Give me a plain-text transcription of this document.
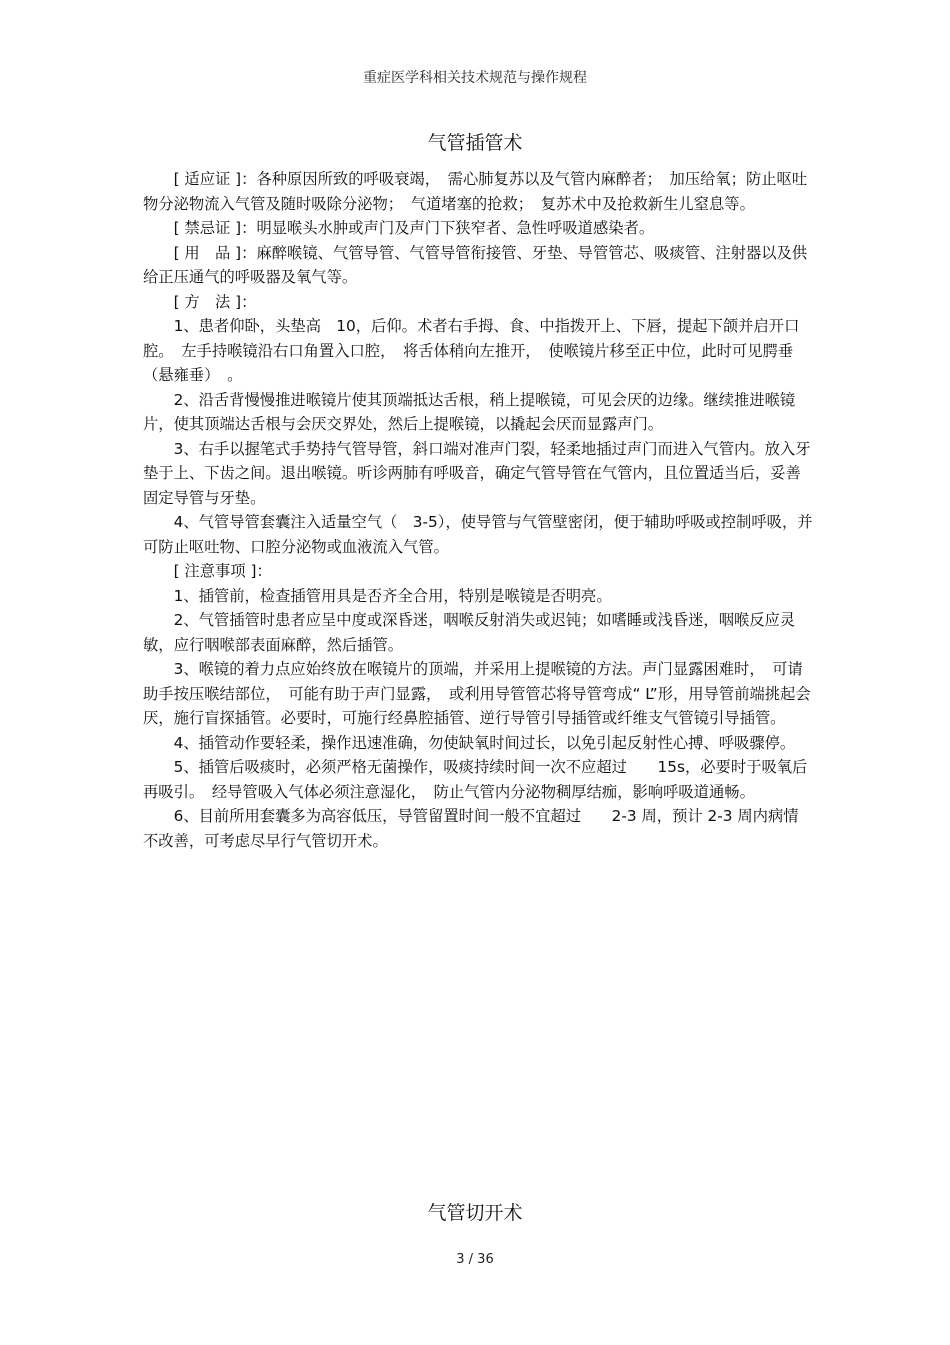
重症医学科相关技术规范与操作规程
气管插管术

[ 适应证 ]：各种原因所致的呼吸衰竭，　需心肺复苏以及气管内麻醉者；　加压给氧；防止呕吐物分泌物流入气管及随时吸除分泌物；　气道堵塞的抢救；　复苏术中及抢救新生儿窒息等。

[ 禁忌证 ]：明显喉头水肿或声门及声门下狭窄者、急性呼吸道感染者。

[ 用　品 ]：麻醉喉镜、气管导管、气管导管衔接管、牙垫、导管管芯、吸痰管、注射器以及供给正压通气的呼吸器及氧气等。

[ 方　法 ]：

1、患者仰卧，头垫高　10，后仰。术者右手拇、食、中指拨开上、下唇，提起下颌并启开口腔。　左手持喉镜沿右口角置入口腔，　将舌体稍向左推开，　使喉镜片移至正中位，此时可见腭垂（悬雍垂）　。

2、沿舌背慢慢推进喉镜片使其顶端抵达舌根，稍上提喉镜，可见会厌的边缘。继续推进喉镜片，使其顶端达舌根与会厌交界处，然后上提喉镜，以撬起会厌而显露声门。

3、右手以握笔式手势持气管导管，斜口端对准声门裂，轻柔地插过声门而进入气管内。放入牙垫于上、下齿之间。退出喉镜。听诊两肺有呼吸音，确定气管导管在气管内，且位置适当后，妥善固定导管与牙垫。

4、气管导管套囊注入适量空气（　3-5），使导管与气管壁密闭，便于辅助呼吸或控制呼吸，并可防止呕吐物、口腔分泌物或血液流入气管。

[ 注意事项 ]：

1、插管前，检查插管用具是否齐全合用，特别是喉镜是否明亮。

2、气管插管时患者应呈中度或深昏迷，咽喉反射消失或迟钝；如嗜睡或浅昏迷，咽喉反应灵敏，应行咽喉部表面麻醉，然后插管。

3、喉镜的着力点应始终放在喉镜片的顶端，并采用上提喉镜的方法。声门显露困难时，　可请助手按压喉结部位，　可能有助于声门显露，　或利用导管管芯将导管弯成“ L”形，用导管前端挑起会厌，施行盲探插管。必要时，可施行经鼻腔插管、逆行导管引导插管或纤维支气管镜引导插管。

4、插管动作要轻柔，操作迅速准确，勿使缺氧时间过长，以免引起反射性心搏、呼吸骤停。

5、插管后吸痰时，必须严格无菌操作，吸痰持续时间一次不应超过　　15s，必要时于吸氧后再吸引。　经导管吸入气体必须注意湿化，　防止气管内分泌物稠厚结痂，影响呼吸道通畅。

6、目前所用套囊多为高容低压，导管留置时间一般不宜超过　　2-3 周，预计 2-3 周内病情不改善，可考虑尽早行气管切开术。

气管切开术
3 / 36
